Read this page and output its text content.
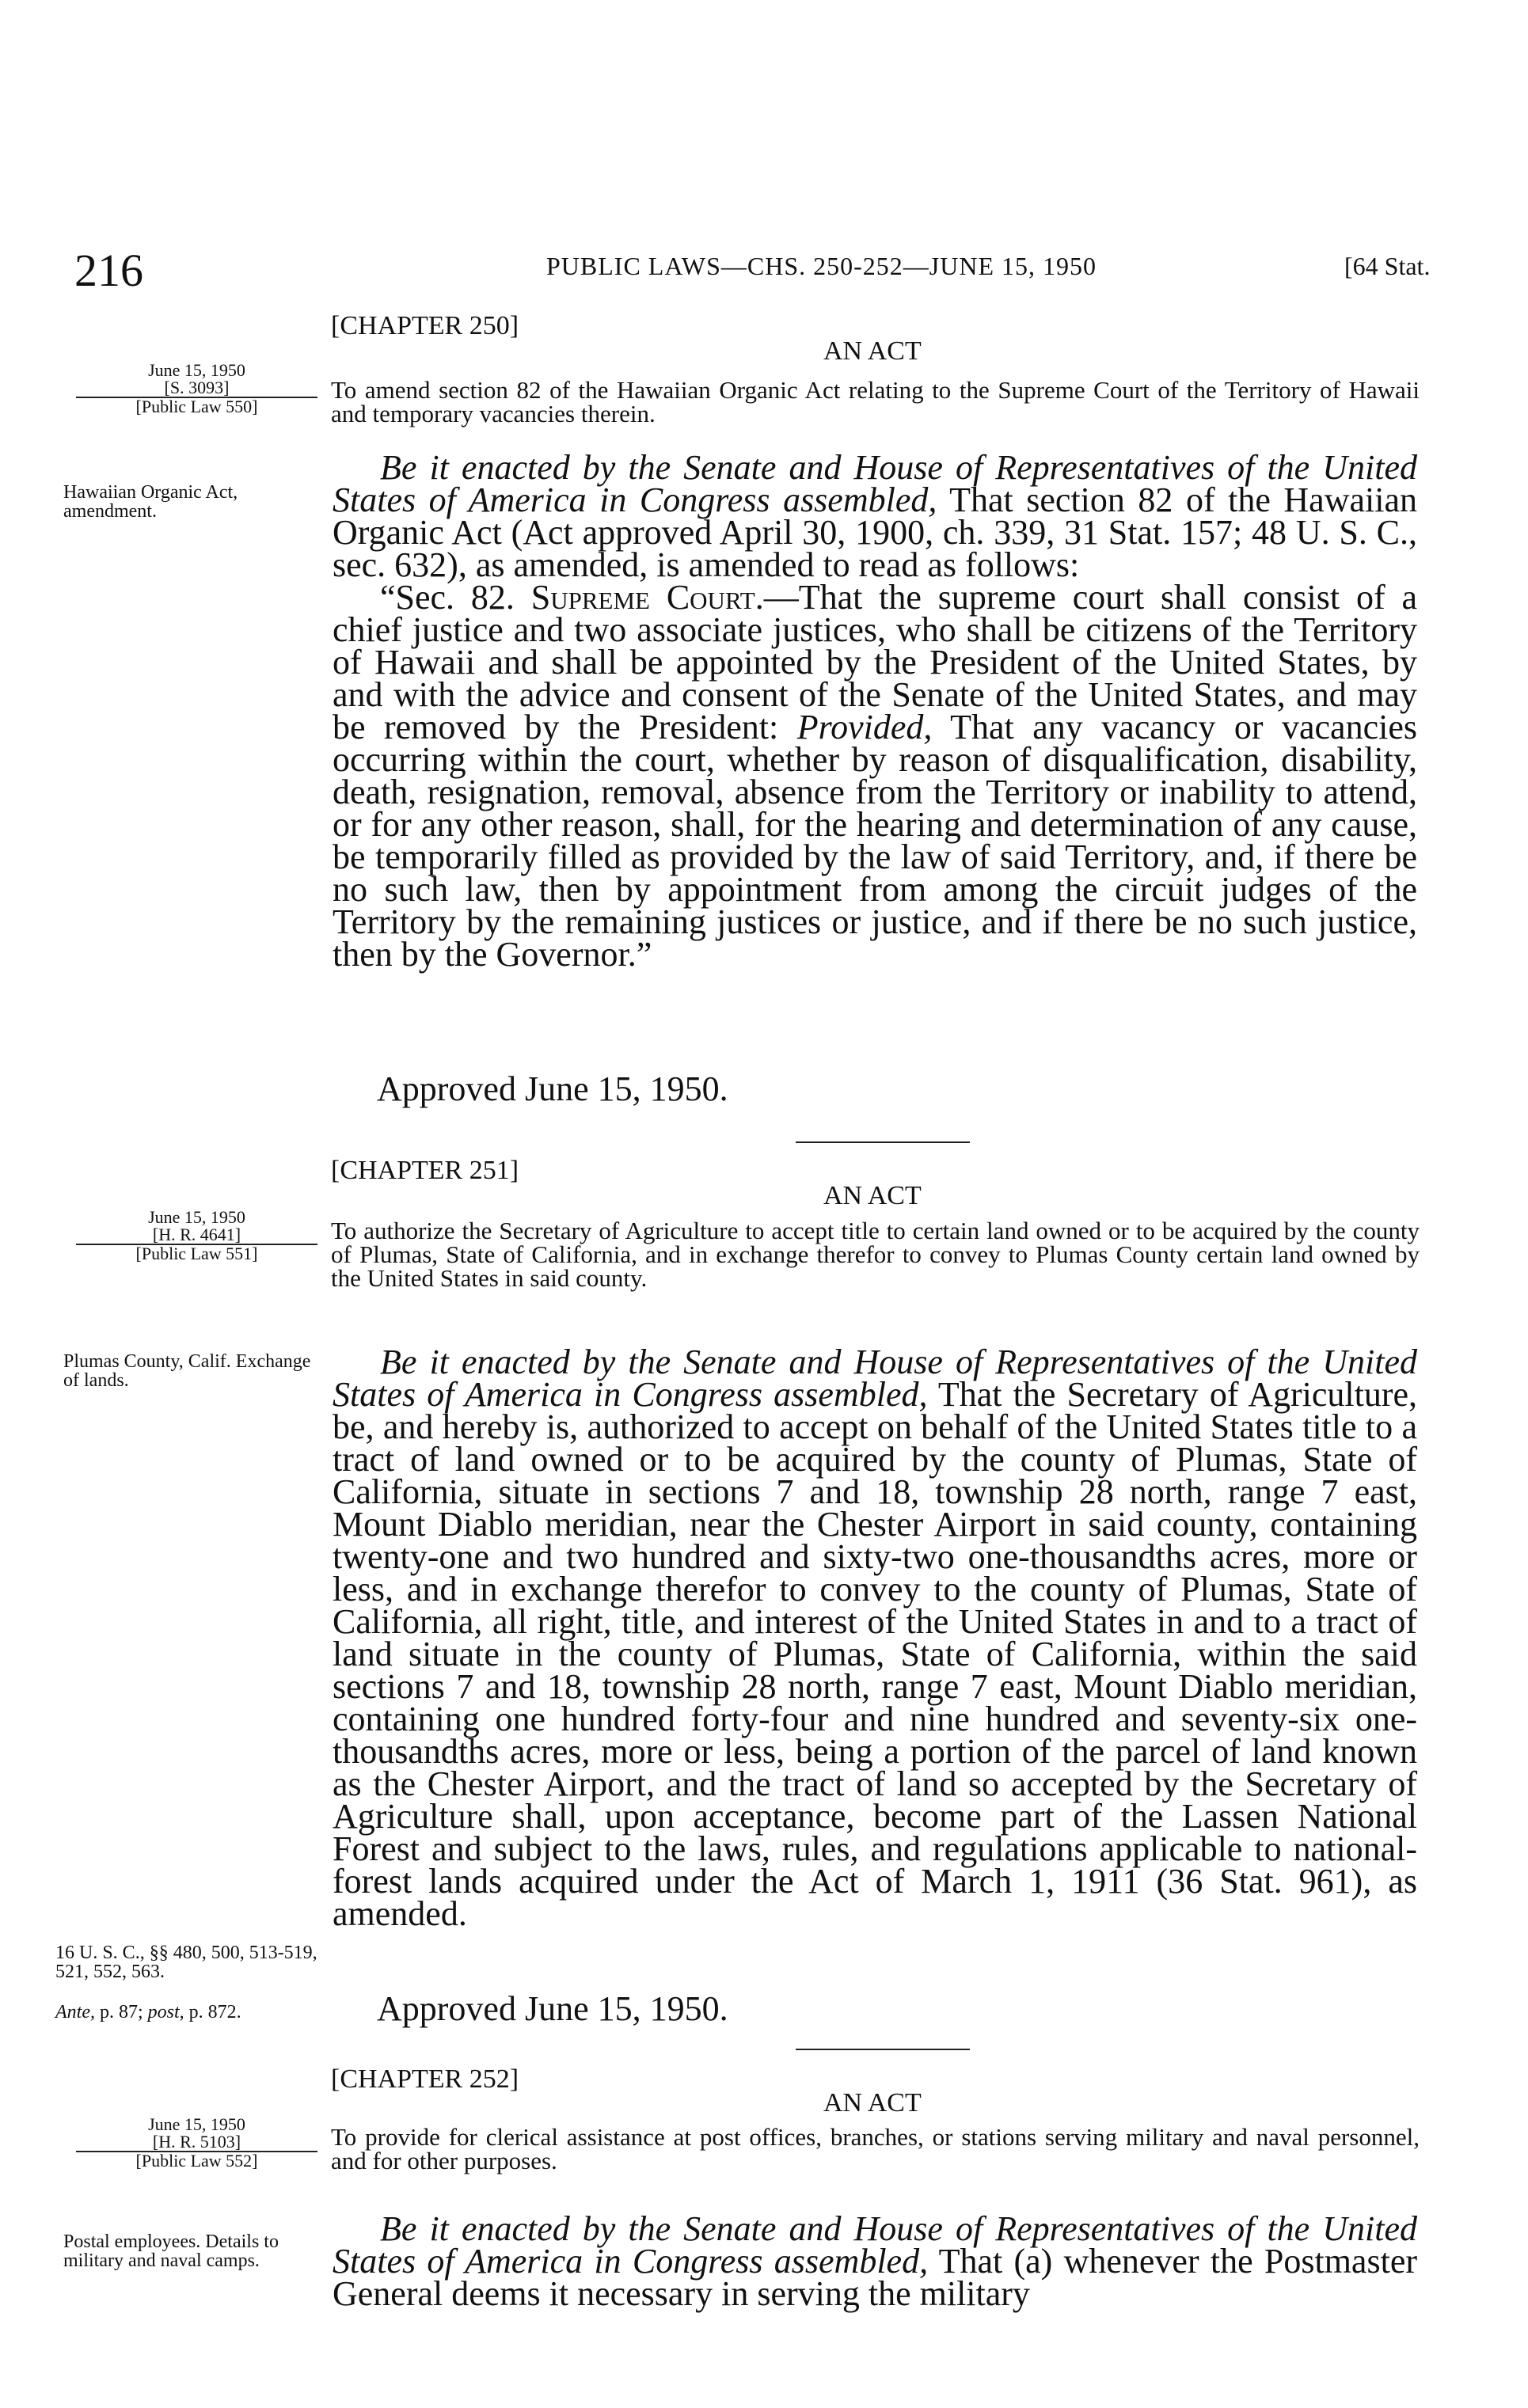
216	PUBLIC LAWS—CHS. 250-252—JUNE 15, 1950	[64 Stat.
[CHAPTER 250]
AN ACT
To amend section 82 of the Hawaiian Organic Act relating to the Supreme Court of the Territory of Hawaii and temporary vacancies therein.
June 15, 1950
[S. 3093]
[Public Law 550]
Hawaiian Organic Act, amendment.

Be it enacted by the Senate and House of Representatives of the United States of America in Congress assembled, That section 82 of the Hawaiian Organic Act (Act approved April 30, 1900, ch. 339, 31 Stat. 157; 48 U. S. C., sec. 632), as amended, is amended to read as follows:

“Sec. 82. Supreme Court.—That the supreme court shall consist of a chief justice and two associate justices, who shall be citizens of the Territory of Hawaii and shall be appointed by the President of the United States, by and with the advice and consent of the Senate of the United States, and may be removed by the President: Provided, That any vacancy or vacancies occurring within the court, whether by reason of disqualification, disability, death, resignation, removal, absence from the Territory or inability to attend, or for any other reason, shall, for the hearing and determination of any cause, be temporarily filled as provided by the law of said Territory, and, if there be no such law, then by appointment from among the circuit judges of the Territory by the remaining justices or justice, and if there be no such justice, then by the Governor.”

Approved June 15, 1950.
[CHAPTER 251]
AN ACT
To authorize the Secretary of Agriculture to accept title to certain land owned or to be acquired by the county of Plumas, State of California, and in exchange therefor to convey to Plumas County certain land owned by the United States in said county.
June 15, 1950
[H. R. 4641]
[Public Law 551]
Plumas County, Calif. Exchange of lands.
16 U. S. C., §§ 480, 500, 513-519, 521, 552, 563.
Ante, p. 87; post, p. 872.

Be it enacted by the Senate and House of Representatives of the United States of America in Congress assembled, That the Secretary of Agriculture, be, and hereby is, authorized to accept on behalf of the United States title to a tract of land owned or to be acquired by the county of Plumas, State of California, situate in sections 7 and 18, township 28 north, range 7 east, Mount Diablo meridian, near the Chester Airport in said county, containing twenty-one and two hundred and sixty-two one-thousandths acres, more or less, and in exchange therefor to convey to the county of Plumas, State of California, all right, title, and interest of the United States in and to a tract of land situate in the county of Plumas, State of California, within the said sections 7 and 18, township 28 north, range 7 east, Mount Diablo meridian, containing one hundred forty-four and nine hundred and seventy-six one-thousandths acres, more or less, being a portion of the parcel of land known as the Chester Airport, and the tract of land so accepted by the Secretary of Agriculture shall, upon acceptance, become part of the Lassen National Forest and subject to the laws, rules, and regulations applicable to national-forest lands acquired under the Act of March 1, 1911 (36 Stat. 961), as amended.

Approved June 15, 1950.
[CHAPTER 252]
AN ACT
To provide for clerical assistance at post offices, branches, or stations serving military and naval personnel, and for other purposes.
June 15, 1950
[H. R. 5103]
[Public Law 552]
Postal employees. Details to military and naval camps.

Be it enacted by the Senate and House of Representatives of the United States of America in Congress assembled, That (a) whenever the Postmaster General deems it necessary in serving the military
